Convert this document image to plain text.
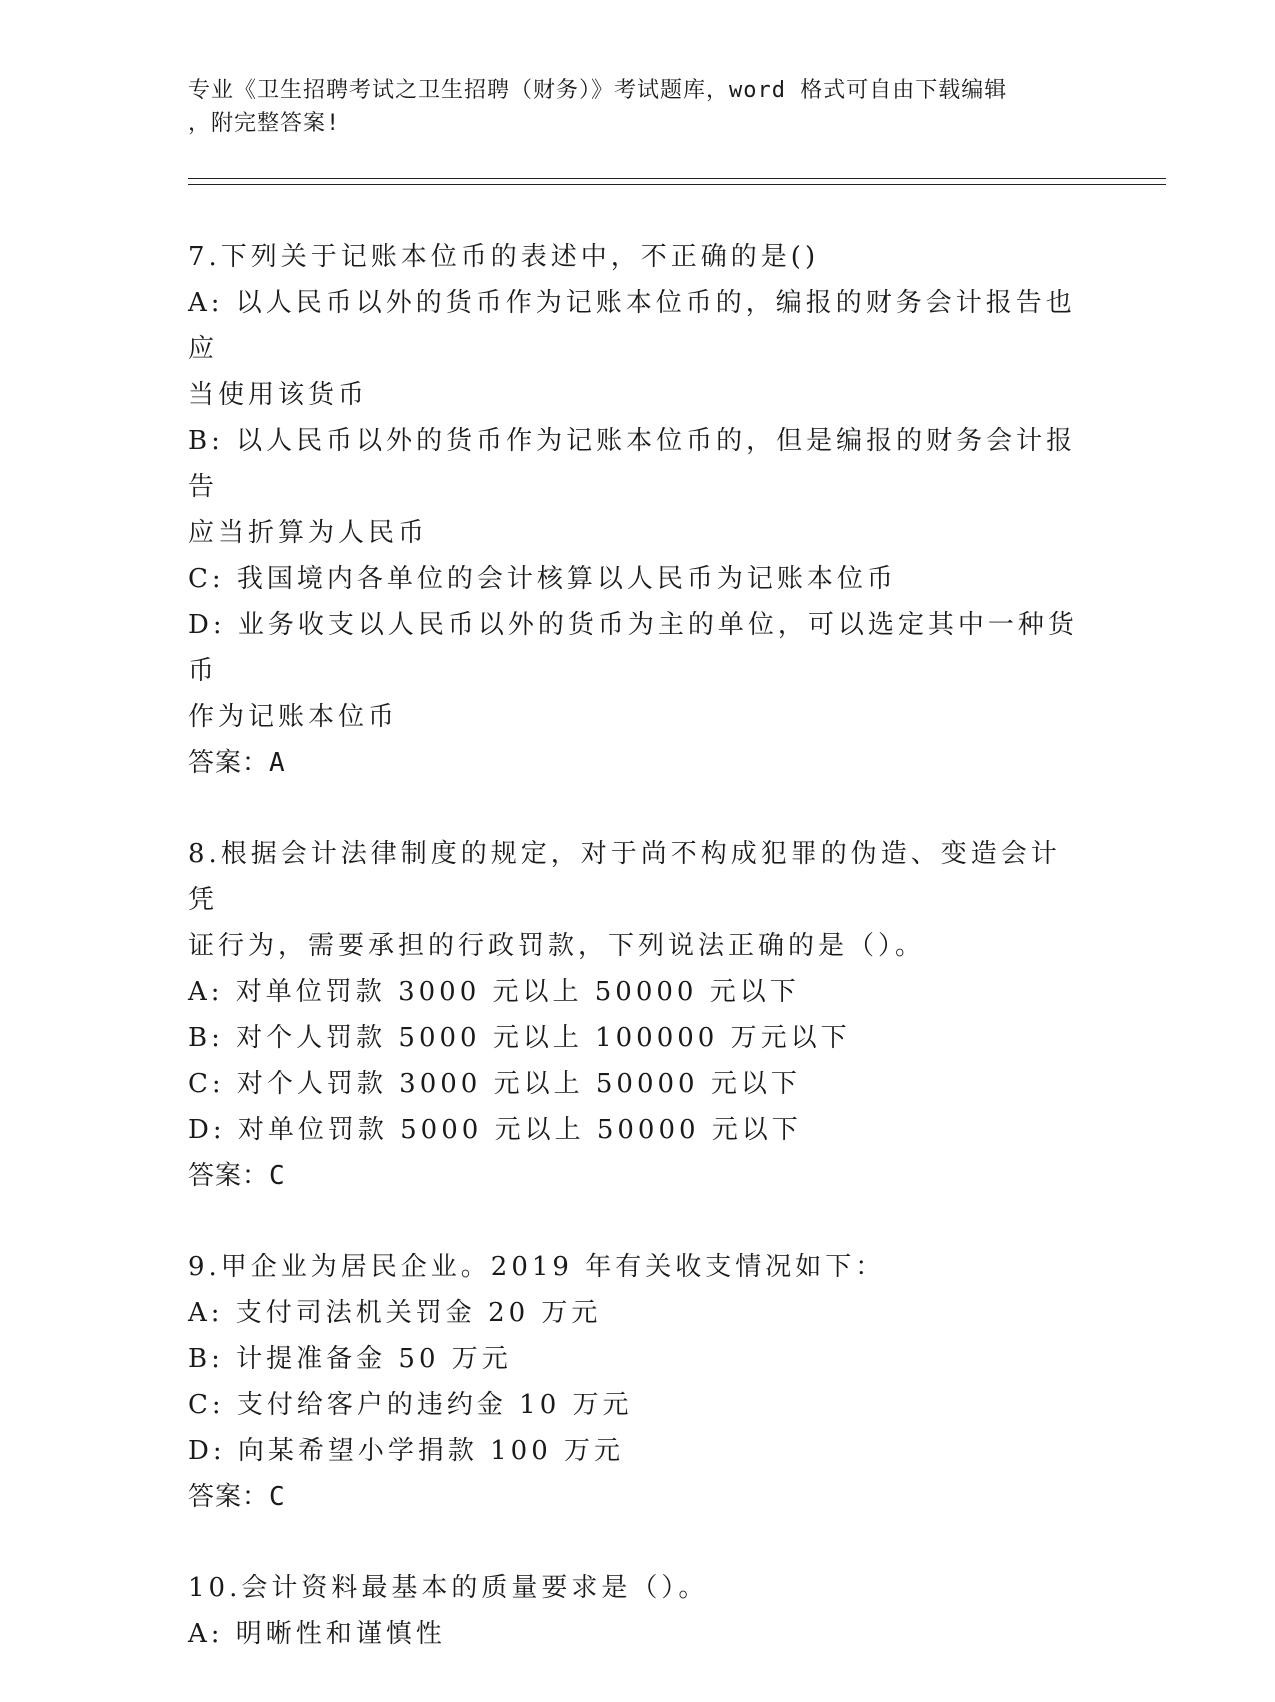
专业《卫生招聘考试之卫生招聘（财务）》考试题库，word 格式可自由下载编辑
，附完整答案!
7.下列关于记账本位币的表述中，不正确的是()
A: 以人民币以外的货币作为记账本位币的，编报的财务会计报告也应
当使用该货币
B: 以人民币以外的货币作为记账本位币的，但是编报的财务会计报告
应当折算为人民币
C: 我国境内各单位的会计核算以人民币为记账本位币
D: 业务收支以人民币以外的货币为主的单位，可以选定其中一种货币
作为记账本位币
答案：A
8.根据会计法律制度的规定，对于尚不构成犯罪的伪造、变造会计凭
证行为，需要承担的行政罚款，下列说法正确的是（）。
A: 对单位罚款 3000 元以上 50000 元以下
B: 对个人罚款 5000 元以上 100000 万元以下
C: 对个人罚款 3000 元以上 50000 元以下
D: 对单位罚款 5000 元以上 50000 元以下
答案：C
9.甲企业为居民企业。2019 年有关收支情况如下：
A: 支付司法机关罚金 20 万元
B: 计提准备金 50 万元
C: 支付给客户的违约金 10 万元
D: 向某希望小学捐款 100 万元
答案：C
10.会计资料最基本的质量要求是（）。
A: 明晰性和谨慎性
